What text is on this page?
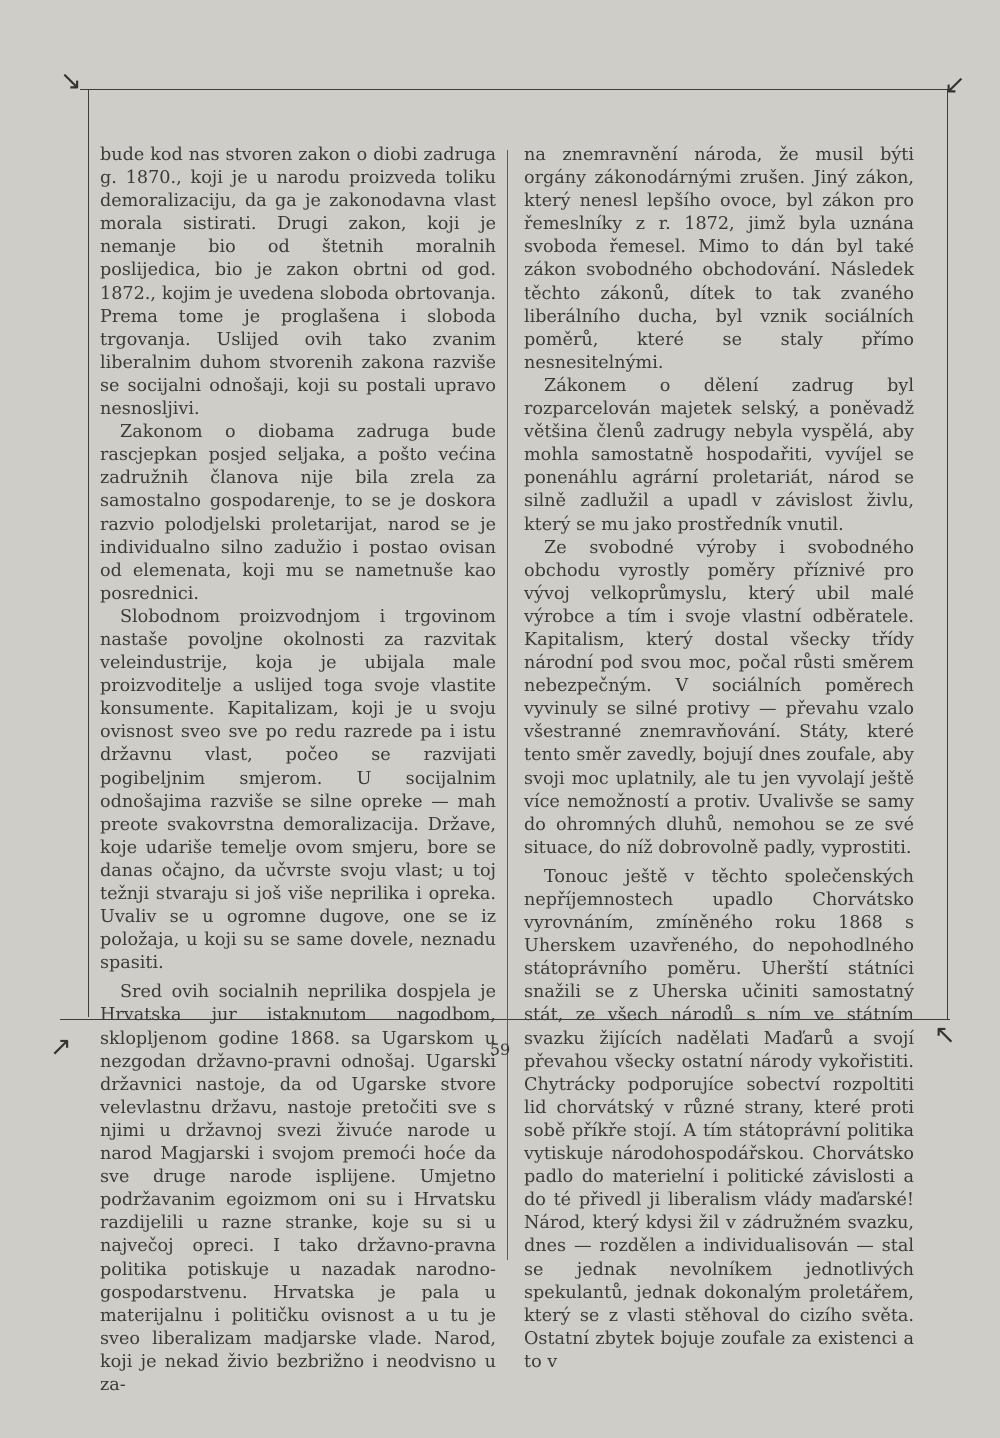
↘	↙
↗	↖

bude kod nas stvoren zakon o diobi zadruga g. 1870., koji je u narodu proizveda toliku demoralizaciju, da ga je zakonodavna vlast morala sistirati. Drugi zakon, koji je nemanje bio od štetnih moralnih poslijedica, bio je zakon obrtni od god. 1872., kojim je uvedena sloboda obrtovanja. Prema tome je proglašena i sloboda trgovanja. Uslijed ovih tako zvanim liberalnim duhom stvorenih zakona razviše se socijalni odnošaji, koji su postali upravo nesnosljivi.

Zakonom o diobama zadruga bude rascjepkan posjed seljaka, a pošto većina zadružnih članova nije bila zrela za samostalno gospodarenje, to se je doskora razvio polodjelski proletarijat, narod se je individualno silno zadužio i postao ovisan od elemenata, koji mu se nametnuše kao posrednici.

Slobodnom proizvodnjom i trgovinom nastaše povoljne okolnosti za razvitak veleindustrije, koja je ubijala male proizvoditelje a uslijed toga svoje vlastite konsumente. Kapitalizam, koji je u svoju ovisnost sveo sve po redu razrede pa i istu državnu vlast, počeo se razvijati pogibeljnim smjerom. U socijalnim odnošajima razviše se silne opreke — mah preote svakovrstna demoralizacija. Države, koje udariše temelje ovom smjeru, bore se danas očajno, da učvrste svoju vlast; u toj težnji stvaraju si još više neprilika i opreka. Uvaliv se u ogromne dugove, one se iz položaja, u koji su se same dovele, neznadu spasiti.

Sred ovih socialnih neprilika dospjela je Hrvatska jur istaknutom nagodbom, sklopljenom godine 1868. sa Ugarskom u nezgodan državno-pravni odnošaj. Ugarski državnici nastoje, da od Ugarske stvore velevlastnu državu, nastoje pretočiti sve s njimi u državnoj svezi živuće narode u narod Magjarski i svojom premoći hoće da sve druge narode isplijene. Umjetno podržavanim egoizmom oni su i Hrvatsku razdijelili u razne stranke, koje su si u največoj opreci. I tako državno-pravna politika potiskuje u nazadak narodno-gospodarstvenu. Hrvatska je pala u materijalnu i političku ovisnost a u tu je sveo liberalizam madjarske vlade. Narod, koji je nekad živio bezbrižno i neodvisno u za-

na znemravnění národa, že musil býti orgány zákonodárnými zrušen. Jiný zákon, který nenesl lepšího ovoce, byl zákon pro řemeslníky z r. 1872, jimž byla uznána svoboda řemesel. Mimo to dán byl také zákon svobodného obchodování. Následek těchto zákonů, dítek to tak zvaného liberálního ducha, byl vznik sociálních poměrů, které se staly přímo nesnesitelnými.

Zákonem o dělení zadrug byl rozparcelován majetek selský, a poněvadž většina členů zadrugy nebyla vyspělá, aby mohla samostatně hospodařiti, vyvíjel se ponenáhlu agrární proletariát, národ se silně zadlužil a upadl v závislost živlu, který se mu jako prostředník vnutil.

Ze svobodné výroby i svobodného obchodu vyrostly poměry příznivé pro vývoj velkoprůmyslu, který ubil malé výrobce a tím i svoje vlastní odběratele. Kapitalism, který dostal všecky třídy národní pod svou moc, počal růsti směrem nebezpečným. V sociálních poměrech vyvinuly se silné protivy — převahu vzalo všestranné znemravňování. Státy, které tento směr zavedly, bojují dnes zoufale, aby svoji moc uplatnily, ale tu jen vyvolají ještě více nemožností a protiv. Uvalivše se samy do ohromných dluhů, nemohou se ze své situace, do níž dobrovolně padly, vyprostiti.

Tonouc ještě v těchto společenských nepříjemnostech upadlo Chorvátsko vyrovnáním, zmíněného roku 1868 s Uherskem uzavřeného, do nepohodlného státoprávního poměru. Uherští státníci snažili se z Uherska učiniti samostatný stát, ze všech národů s ním ve státním svazku žijících nadělati Maďarů a svojí převahou všecky ostatní národy vykořistiti. Chytrácky podporujíce sobectví rozpoltiti lid chorvátský v různé strany, které proti sobě příkře stojí. A tím státoprávní politika vytiskuje národohospodářskou. Chorvátsko padlo do materielní i politické závislosti a do té přivedl ji liberalism vlády maďarské! Národ, který kdysi žil v zádružném svazku, dnes — rozdělen a individualisován — stal se jednak nevolníkem jednotlivých spekulantů, jednak dokonalým proletářem, který se z vlasti stěhoval do cizího světa. Ostatní zbytek bojuje zoufale za existenci a to v

59
